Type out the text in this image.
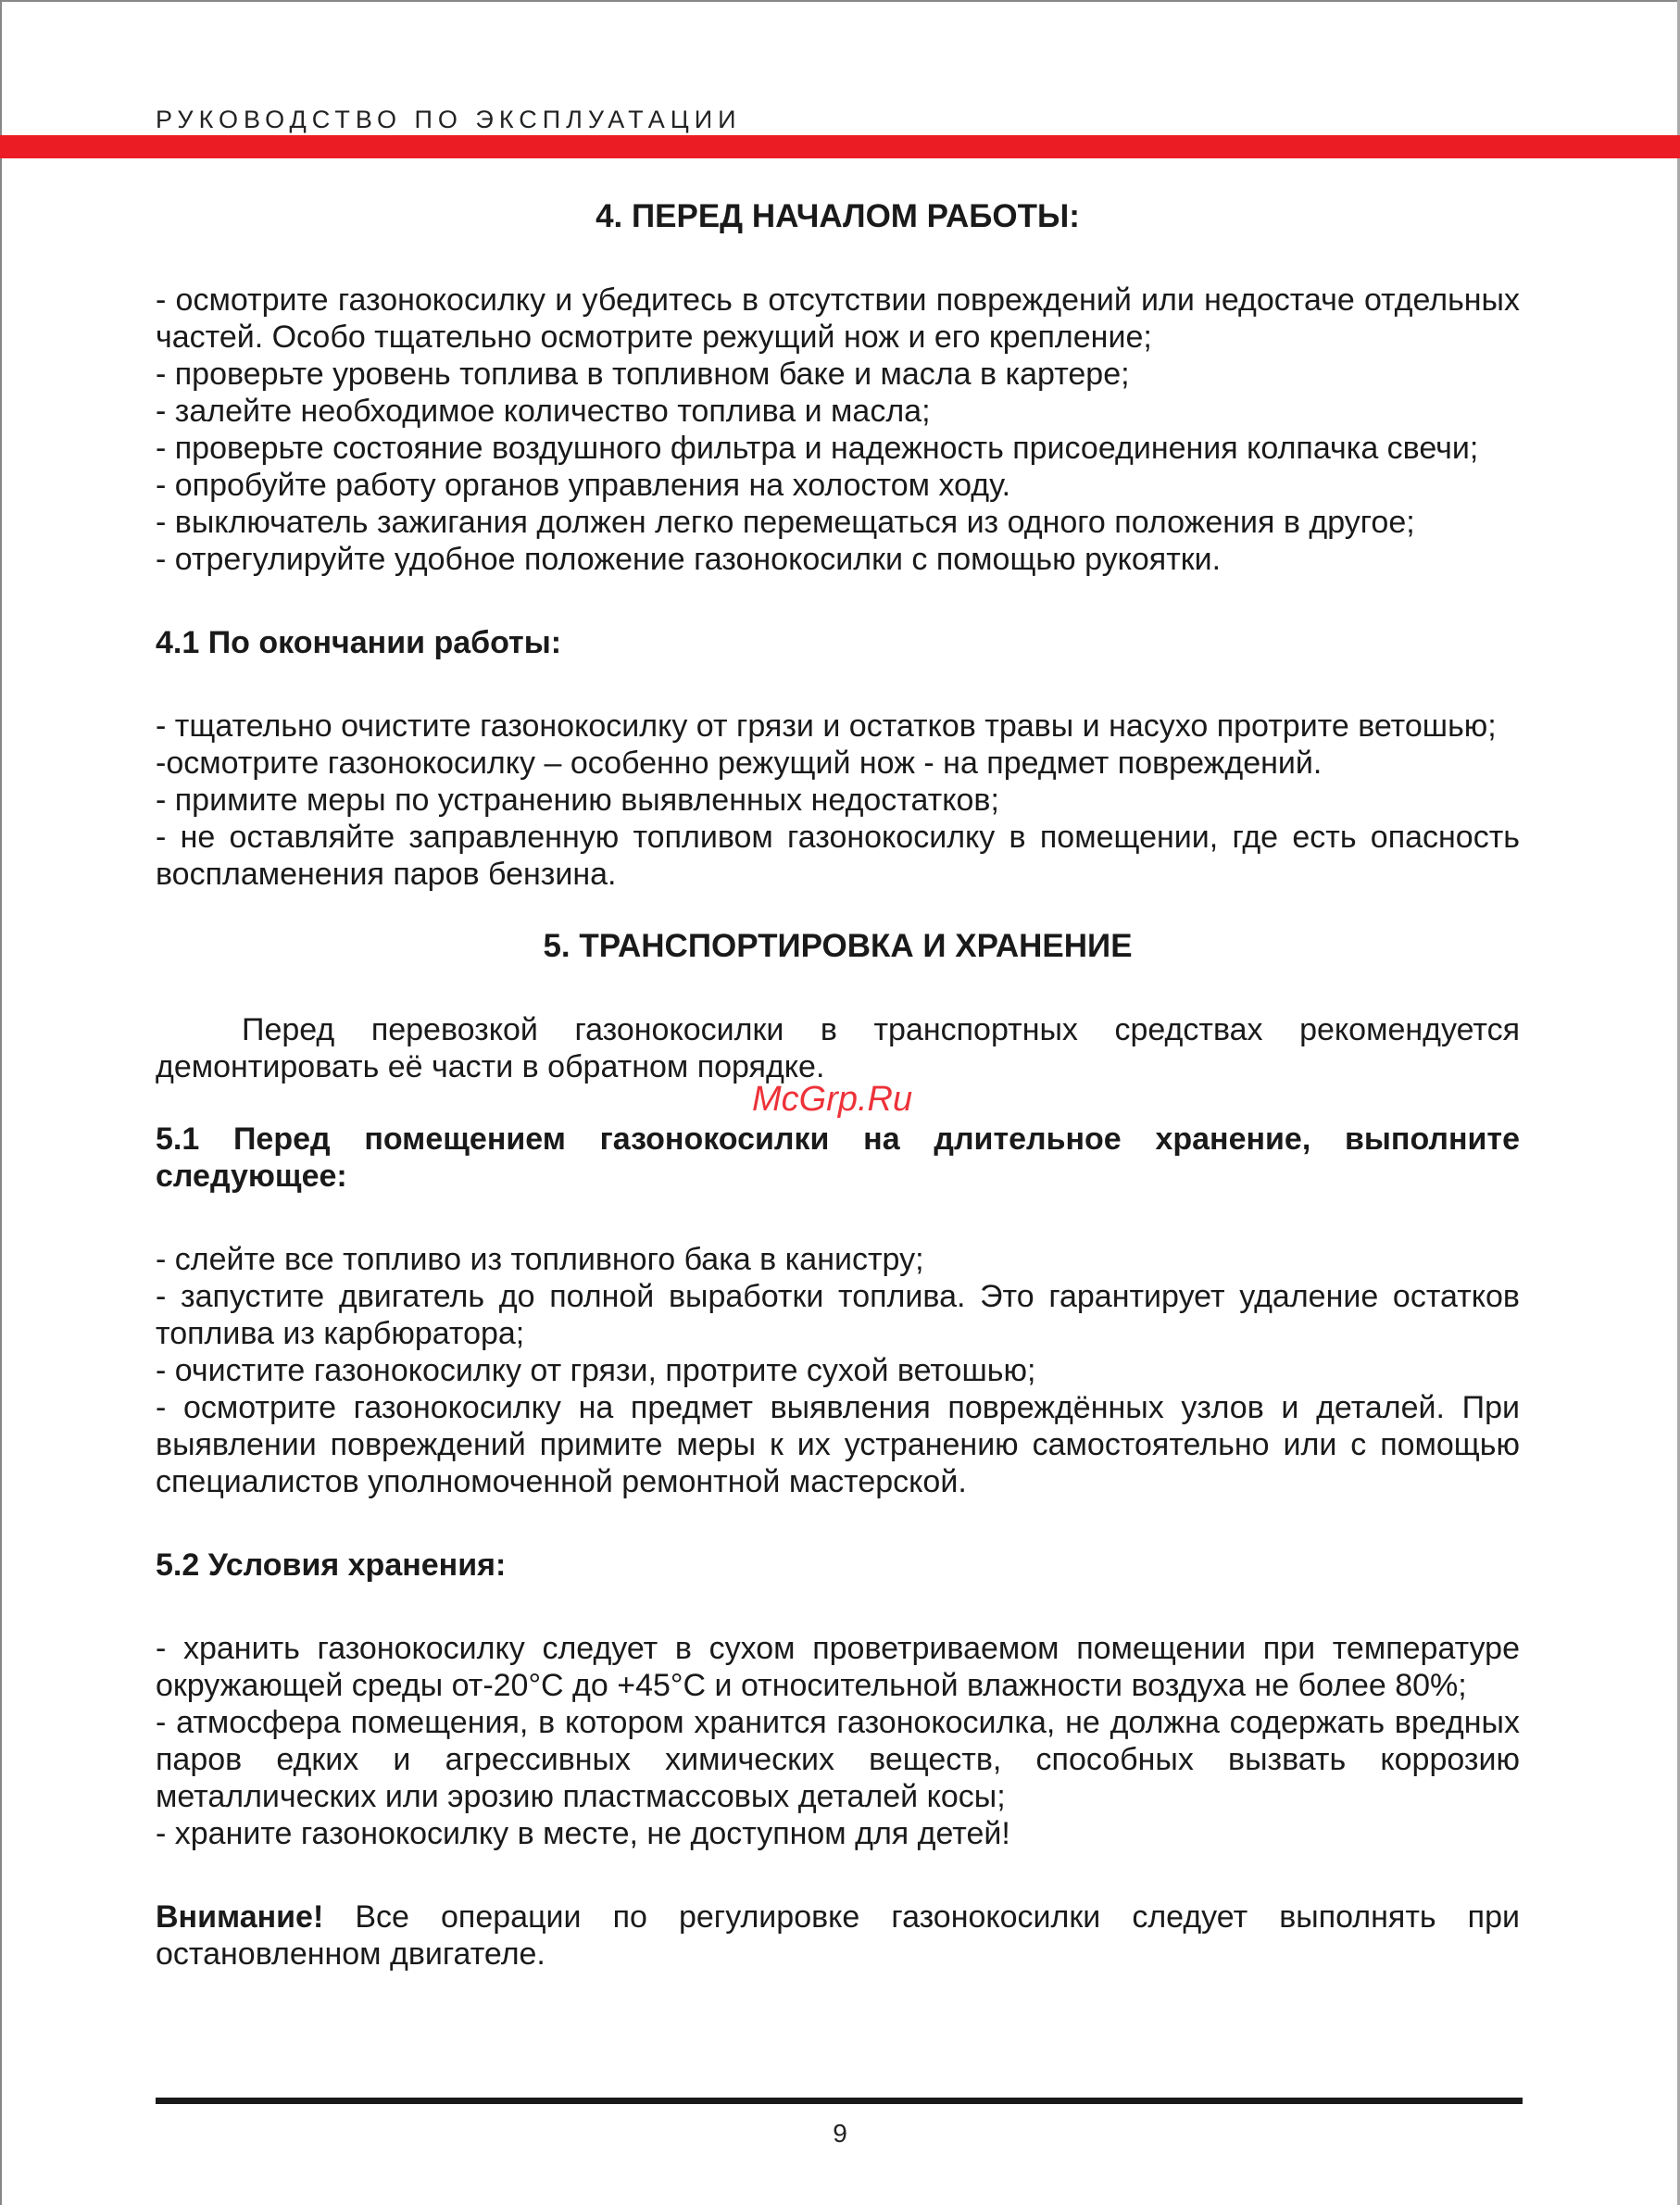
РУКОВОДСТВО ПО ЭКСПЛУАТАЦИИ

4. ПЕРЕД НАЧАЛОМ РАБОТЫ:

- осмотрите газонокосилку и убедитесь в отсутствии повреждений или недостаче отдельных частей. Особо тщательно осмотрите режущий нож и его крепление;

- проверьте уровень топлива в топливном баке и масла в картере;

- залейте необходимое количество топлива и масла;

- проверьте состояние воздушного фильтра и надежность присоединения колпачка свечи;

- опробуйте работу органов управления на холостом ходу.

- выключатель зажигания должен легко перемещаться из одного положения в другое;

- отрегулируйте удобное положение газонокосилки с помощью рукоятки.

4.1 По окончании работы:

- тщательно очистите газонокосилку от грязи и остатков травы и насухо протрите ветошью;

-осмотрите газонокосилку – особенно режущий нож - на предмет повреждений.

- примите меры по устранению выявленных недостатков;

- не оставляйте заправленную топливом газонокосилку в помещении, где есть опасность воспламенения паров бензина.

5. ТРАНСПОРТИРОВКА И ХРАНЕНИЕ

Перед перевозкой газонокосилки в транспортных средствах рекомендуется демонтировать её части в обратном порядке.

5.1 Перед помещением газонокосилки на длительное хранение, выполните следующее:

- слейте все топливо из топливного бака в канистру;

- запустите двигатель до полной выработки топлива. Это гарантирует удаление остатков топлива из карбюратора;

- очистите газонокосилку от грязи, протрите сухой ветошью;

- осмотрите газонокосилку на предмет выявления повреждённых узлов и деталей. При выявлении повреждений примите меры к их устранению самостоятельно или с помощью специалистов уполномоченной ремонтной мастерской.

5.2 Условия хранения:

- хранить газонокосилку следует в сухом проветриваемом помещении при температуре окружающей среды от-20°С до +45°С и относительной влажности воздуха не более 80%;

- атмосфера помещения, в котором хранится газонокосилка, не должна содержать вредных паров едких и агрессивных химических веществ, способных вызвать коррозию металлических или эрозию пластмассовых деталей косы;

- храните газонокосилку в месте, не доступном для детей!

Внимание! Все операции по регулировке газонокосилки следует выполнять при остановленном двигателе.

McGrp.Ru
9
